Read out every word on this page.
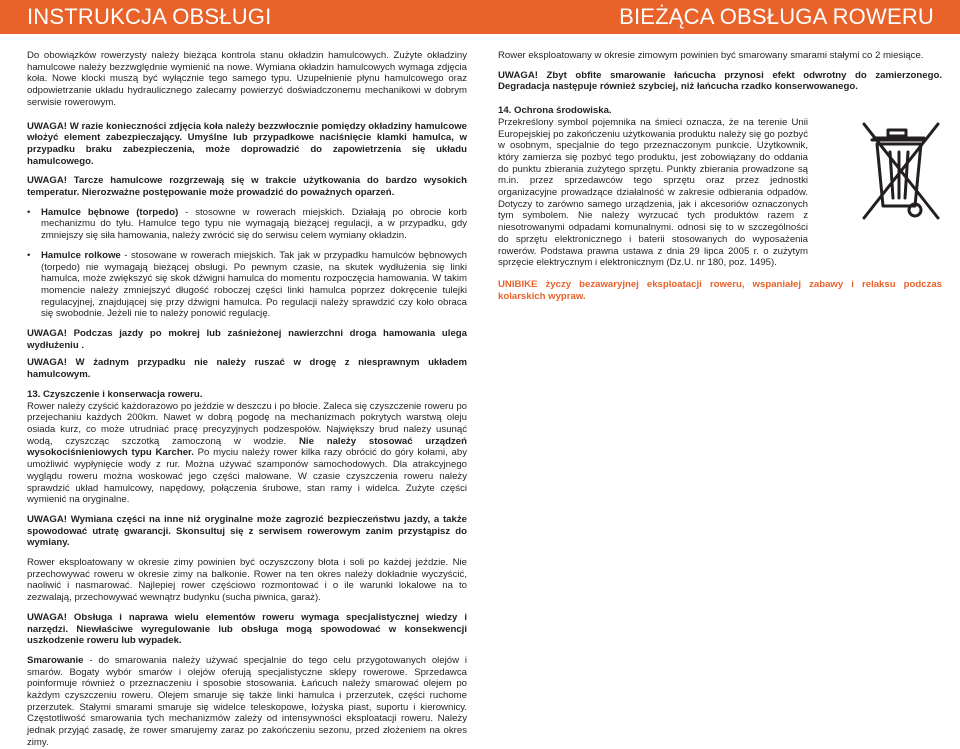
INSTRUKCJA OBSŁUGI

Do obowiązków rowerzysty należy bieżąca kontrola stanu okładzin hamulcowych. Zużyte okładziny hamulcowe należy bezzwględnie wymienić na nowe. Wymiana okładzin hamulcowych wymaga zdjęcia koła. Nowe klocki muszą być wyłącznie tego samego typu. Uzupełnienie płynu hamulcowego oraz odpowietrzanie układu hydraulicznego zalecamy powierzyć doświadczonemu mechanikowi w dobrym serwisie rowerowym.

UWAGA! W razie konieczności zdjęcia koła należy bezzwłocznie pomiędzy okładziny hamulcowe włożyć element zabezpieczający. Umyślne lub przypadkowe naciśnięcie klamki hamulca, w przypadku braku zabezpieczenia, może doprowadzić do zapowietrzenia się układu hamulcowego.

UWAGA! Tarcze hamulcowe rozgrzewają się w trakcie użytkowania do bardzo wysokich temperatur. Nierozważne postępowanie może prowadzić do poważnych oparzeń.

• Hamulce bębnowe (torpedo) - stosowne w rowerach miejskich. Działają po obrocie korb mechanizmu do tyłu. Hamulce tego typu nie wymagają bieżącej regulacji, a w przypadku, gdy zmniejszy się siła hamowania, należy zwrócić się do serwisu celem wymiany okładzin.

• Hamulce rolkowe - stosowane w rowerach miejskich. Tak jak w przypadku hamulców bębnowych (torpedo) nie wymagają bieżącej obsługi. Po pewnym czasie, na skutek wydłużenia się linki hamulca, może zwiększyć się skok dźwigni hamulca do momentu rozpoczęcia hamowania. W takim momencie należy zmniejszyć długość roboczej części linki hamulca poprzez dokręcenie tulejki regulacyjnej, znajdującej się przy dźwigni hamulca. Po regulacji należy sprawdzić czy koło obraca się swobodnie. Jeżeli nie to należy ponowić regulację.

UWAGA! Podczas jazdy po mokrej lub zaśnieżonej nawierzchni droga hamowania ulega wydłużeniu .

UWAGA! W żadnym przypadku nie należy ruszać w drogę z niesprawnym układem hamulcowym.

13. Czyszczenie i konserwacja roweru.

Rower należy czyścić każdorazowo po jeździe w deszczu i po błocie. Zaleca się czyszczenie roweru po przejechaniu każdych 200km. Nawet w dobrą pogodę na mechanizmach pokrytych warstwą oleju osiada kurz, co może utrudniać pracę precyzyjnych podzespołów. Największy brud należy usunąć wodą, czyszcząc szczotką zamoczoną w wodzie. Nie należy stosować urządzeń wysokociśnieniowych typu Karcher. Po myciu należy rower kilka razy obrócić do góry kołami, aby umożliwić wypłynięcie wody z rur. Można używać szamponów samochodowych. Dla atrakcyjnego wyglądu roweru można woskować jego części malowane. W czasie czyszczenia roweru należy sprawdzić układ hamulcowy, napędowy, połączenia śrubowe, stan ramy i widelca. Zużyte części wymienić na oryginalne.

UWAGA! Wymiana części na inne niż oryginalne może zagrozić bezpieczeństwu jazdy, a także spowodować utratę gwarancji. Skonsultuj się z serwisem rowerowym zanim przystąpisz do wymiany.

Rower eksploatowany w okresie zimy powinien być oczyszczony błota i soli po każdej jeździe. Nie przechowywać roweru w okresie zimy na balkonie. Rower na ten okres należy dokładnie wyczyścić, naoliwić i nasmarować. Najlepiej rower częściowo rozmontować i o ile warunki lokalowe na to zezwalają, przechowywać wewnątrz budynku (sucha piwnica, garaż).

UWAGA! Obsługa i naprawa wielu elementów roweru wymaga specjalistycznej wiedzy i narzędzi. Niewłaściwe wyregulowanie lub obsługa mogą spowodować w konsekwencji uszkodzenie roweru lub wypadek.

Smarowanie - do smarowania należy używać specjalnie do tego celu przygotowanych olejów i smarów. Bogaty wybór smarów i olejów oferują specjalistyczne sklepy rowerowe. Sprzedawca poinformuje również o przeznaczeniu i sposobie stosowania. Łańcuch należy smarować olejem po każdym czyszczeniu roweru. Olejem smaruje się także linki hamulca i przerzutek, części ruchome przerzutek. Stałymi smarami smaruje się widelce teleskopowe, łożyska piast, suportu i kierownicy. Częstotliwość smarowania tych mechanizmów zależy od intensywności eksploatacji roweru. Należy jednak przyjąć zasadę, że rower smarujemy zaraz po zakończeniu sezonu, przed złożeniem na okres zimy.

BIEŻĄCA OBSŁUGA ROWERU

Rower eksploatowany w okresie zimowym powinien być smarowany smarami stałymi co 2 miesiące.

UWAGA! Zbyt obfite smarowanie łańcucha przynosi efekt odwrotny do zamierzonego. Degradacja następuje również szybciej, niż łańcucha rzadko konserwowanego.

14. Ochrona środowiska.

Przekreślony symbol pojemnika na śmieci oznacza, że na terenie Unii Europejskiej po zakończeniu użytkowania produktu należy się go pozbyć w osobnym, specjalnie do tego przeznaczonym punkcie. Użytkownik, który zamierza się pozbyć tego produktu, jest zobowiązany do oddania do punktu zbierania zużytego sprzętu. Punkty zbierania prowadzone są m.in. przez sprzedawców tego sprzętu oraz przez jednostki organizacyjne prowadzące działalność w zakresie odbierania odpadów. Dotyczy to zarówno samego urządzenia, jak i akcesoriów oznaczonych tym symbolem. Nie należy wyrzucać tych produktów razem z niesotrowanymi odpadami komunalnymi. odnosi się to w szczególności do sprzętu elektronicznego i baterii stosowanych do wyposażenia rowerów. Podstawa prawna ustawa z dnia 29 lipca 2005 r. o zużytym sprzęcie elektrycznym i elektronicznym (Dz.U. nr 180, poz. 1495).

UNIBIKE życzy bezawaryjnej eksploatacji roweru, wspaniałej zabawy i relaksu podczas kolarskich wypraw.
